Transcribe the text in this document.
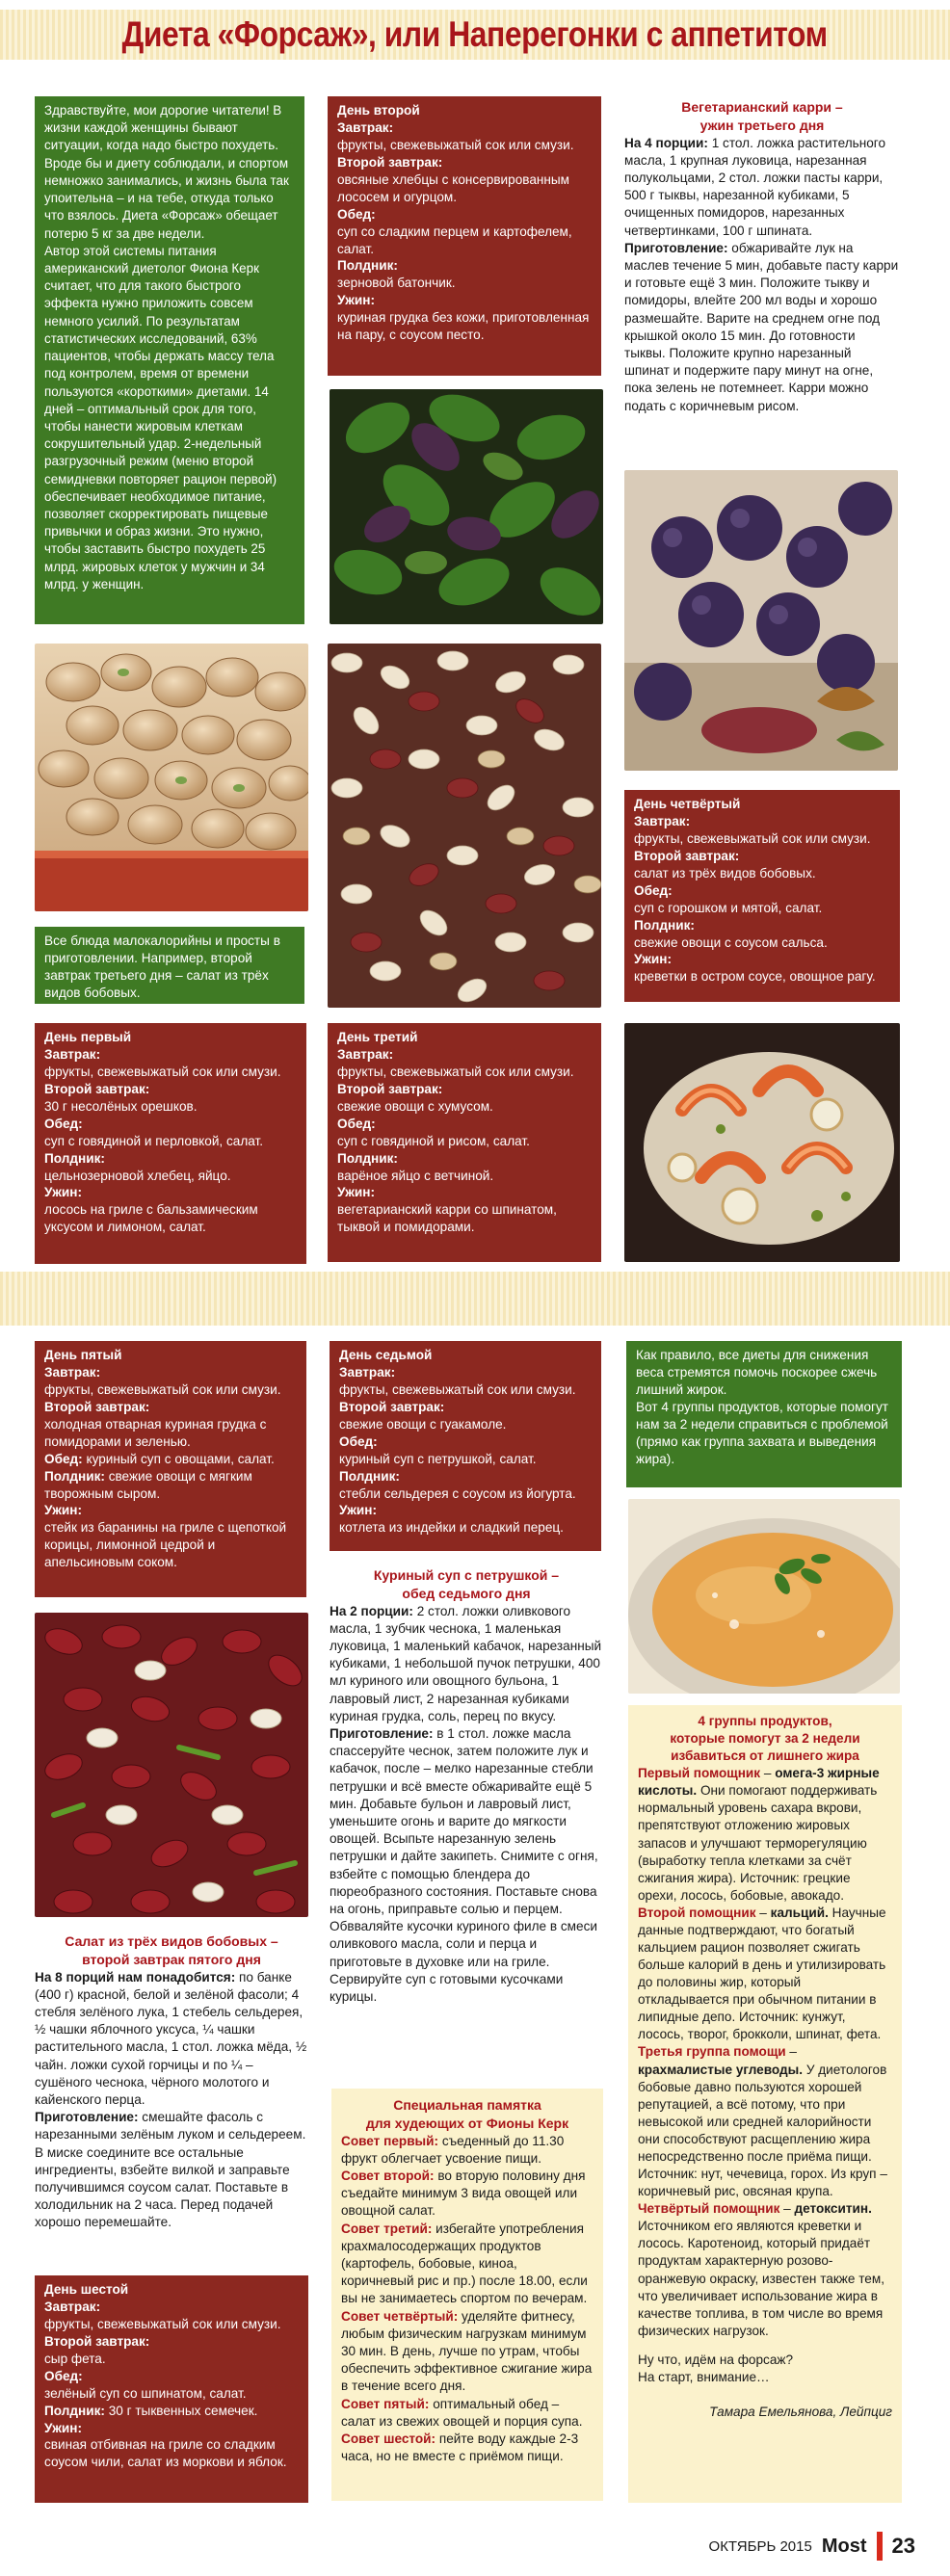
Диета «Форсаж», или Наперегонки с аппетитом

Здравствуйте, мои дорогие читатели! В жизни каждой женщины бывают ситуации, когда надо быстро похудеть. Вроде бы и диету соблюдали, и спортом немножко занимались, и жизнь была так упоительна – и на тебе, откуда только что взялось. Диета «Форсаж» обещает потерю 5 кг за две недели.

Автор этой системы питания американский диетолог Фиона Керк считает, что для такого быстрого эффекта нужно приложить совсем немного усилий. По результатам статистических исследований, 63% пациентов, чтобы держать массу тела под контролем, время от времени пользуются «короткими» диетами. 14 дней – оптимальный срок для того, чтобы нанести жировым клеткам сокрушительный удар. 2-недельный разгрузочный режим (меню второй семидневки повторяет рацион первой) обеспечивает необходимое питание, позволяет скорректировать пищевые привычки и образ жизни. Это нужно, чтобы заставить быстро похудеть 25 млрд. жировых клеток у мужчин и 34 млрд. у женщин.

Все блюда малокалорийны и просты в приготовлении. Например, второй завтрак третьего дня – салат из трёх видов бобовых.

День первый
Завтрак:

фрукты, свежевыжатый сок или смузи.

Второй завтрак:

30 г несолёных орешков.

Обед:

суп с говядиной и перловкой, салат.

Полдник:

цельнозерновой хлебец, яйцо.

Ужин:

лосось на гриле с бальзамическим уксусом и лимоном, салат.

День второй
Завтрак:

фрукты, свежевыжатый сок или смузи.

Второй завтрак:

овсяные хлебцы с консервированным лососем и огурцом.

Обед:

суп со сладким перцем и картофелем, салат.

Полдник:

зерновой батончик.

Ужин:

куриная грудка без кожи, приготовленная на пару, с соусом песто.

День третий
Завтрак:

фрукты, свежевыжатый сок или смузи.

Второй завтрак:

свежие овощи с хумусом.

Обед:

суп с говядиной и рисом, салат.

Полдник:

варёное яйцо с ветчиной.

Ужин:

вегетарианский карри со шпинатом, тыквой и помидорами.

Вегетарианский карри –
ужин третьего дня

На 4 порции: 1 стол. ложка растительного масла, 1 крупная луковица, нарезанная полукольцами, 2 стол. ложки пасты карри, 500 г тыквы, нарезанной кубиками, 5 очищенных помидоров, нарезанных четвертинками, 100 г шпината.

Приготовление: обжаривайте лук на маслев течение 5 мин, добавьте пасту карри и готовьте ещё 3 мин. Положите тыкву и помидоры, влейте 200 мл воды и хорошо размешайте. Варите на среднем огне под крышкой около 15 мин. До готовности тыквы. Положите крупно нарезанный шпинат и подержите пару минут на огне, пока зелень не потемнеет. Карри можно подать с коричневым рисом.

День четвёртый
Завтрак:

фрукты, свежевыжатый сок или смузи.

Второй завтрак:

салат из трёх видов бобовых.

Обед:

суп с горошком и мятой, салат.

Полдник:

свежие овощи с соусом сальса.

Ужин:

креветки в остром соусе, овощное рагу.

День пятый
Завтрак:

фрукты, свежевыжатый сок или смузи.

Второй завтрак:

холодная отварная куриная грудка с помидорами и зеленью.

Обед: куриный суп с овощами, салат.

Полдник: свежие овощи с мягким творожным сыром.

Ужин:

стейк из баранины на гриле с щепоткой корицы, лимонной цедрой и апельсиновым соком.

Салат из трёх видов бобовых –
второй завтрак пятого дня

На 8 порций нам понадобится: по банке (400 г) красной, белой и зелёной фасоли; 4 стебля зелёного лука, 1 стебель сельдерея, ½ чашки яблочного уксуса, ¼ чашки растительного масла, 1 стол. ложка мёда, ½ чайн. ложки сухой горчицы и по ¼ – сушёного чеснока, чёрного молотого и кайенского перца.

Приготовление: смешайте фасоль с нарезанными зелёным луком и сельдереем. В миске соедините все остальные ингредиенты, взбейте вилкой и заправьте получившимся соусом салат. Поставьте в холодильник на 2 часа. Перед подачей хорошо перемешайте.

День шестой
Завтрак:

фрукты, свежевыжатый сок или смузи.

Второй завтрак:

сыр фета.

Обед:

зелёный суп со шпинатом, салат.

Полдник: 30 г тыквенных семечек.

Ужин:

свиная отбивная на гриле со сладким соусом чили, салат из моркови и яблок.

День седьмой
Завтрак:

фрукты, свежевыжатый сок или смузи.

Второй завтрак:

свежие овощи с гуакамоле.

Обед:

куриный суп с петрушкой, салат.

Полдник:

стебли сельдерея с соусом из йогурта.

Ужин:

котлета из индейки и сладкий перец.

Куриный суп с петрушкой –
обед седьмого дня

На 2 порции: 2 стол. ложки оливкового масла, 1 зубчик чеснока, 1 маленькая луковица, 1 маленький кабачок, нарезанный кубиками, 1 небольшой пучок петрушки, 400 мл куриного или овощного бульона, 1 лавровый лист, 2 нарезанная кубиками куриная грудка, соль, перец по вкусу.

Приготовление: в 1 стол. ложке масла спассеруйте чеснок, затем положите лук и кабачок, после – мелко нарезанные стебли петрушки и всё вместе обжаривайте ещё 5 мин. Добавьте бульон и лавровый лист, уменьшите огонь и варите до мягкости овощей. Всыпьте нарезанную зелень петрушки и дайте закипеть. Снимите с огня, взбейте с помощью блендера до пюреобразного состояния. Поставьте снова на огонь, приправьте солью и перцем. Обвваляйте кусочки куриного филе в смеси оливкового масла, соли и перца и приготовьте в духовке или на гриле. Сервируйте суп с готовыми кусочками курицы.

Специальная памятка
для худеющих от Фионы Керк

Совет первый: съеденный до 11.30 фрукт облегчает усвоение пищи.

Совет второй: во вторую половину дня съедайте минимум 3 вида овощей или овощной салат.

Совет третий: избегайте употребления крахмалосодержащих продуктов (картофель, бобовые, киноа, коричневый рис и пр.) после 18.00, если вы не занимаетесь спортом по вечерам.

Совет четвёртый: уделяйте фитнесу, любым физическим нагрузкам минимум 30 мин. В день, лучше по утрам, чтобы обеспечить эффективное сжигание жира в течение всего дня.

Совет пятый: оптимальный обед – салат из свежих овощей и порция супа.

Совет шестой: пейте воду каждые 2-3 часа, но не вместе с приёмом пищи.

Как правило, все диеты для снижения веса стремятся помочь поскорее сжечь лишний жирок.

Вот 4 группы продуктов, которые помогут нам за 2 недели справиться с проблемой (прямо как группа захвата и выведения жира).

4 группы продуктов,
которые помогут за 2 недели
избавиться от лишнего жира

Первый помощник – омега-3 жирные кислоты. Они помогают поддерживать нормальный уровень сахара вкрови, препятствуют отложению жировых запасов и улучшают терморегуляцию (выработку тепла клетками за счёт сжигания жира). Источник: грецкие орехи, лосось, бобовые, авокадо.

Второй помощник – кальций. Научные данные подтверждают, что богатый кальцием рацион позволяет сжигать больше калорий в день и утилизировать до половины жир, который откладывается при обычном питании в липидные депо. Источник: кунжут, лосось, творог, брокколи, шпинат, фета.

Третья группа помощи – крахмалистые углеводы. У диетологов бобовые давно пользуются хорошей репутацией, а всё потому, что при невысокой или средней калорийности они способствуют расщеплению жира непосредственно после приёма пищи. Источник: нут, чечевица, горох. Из круп – коричневый рис, овсяная крупа.

Четвёртый помощник – детокситин. Источником его являются креветки и лосось. Каротеноид, который придаёт продуктам характерную розово-оранжевую окраску, известен также тем, что увеличивает использование жира в качестве топлива, в том числе во время физических нагрузок.

Ну что, идём на форсаж?

На старт, внимание…

Тамара Емельянова, Лейпциг

ОКТЯБРЬ 2015 Most 23
